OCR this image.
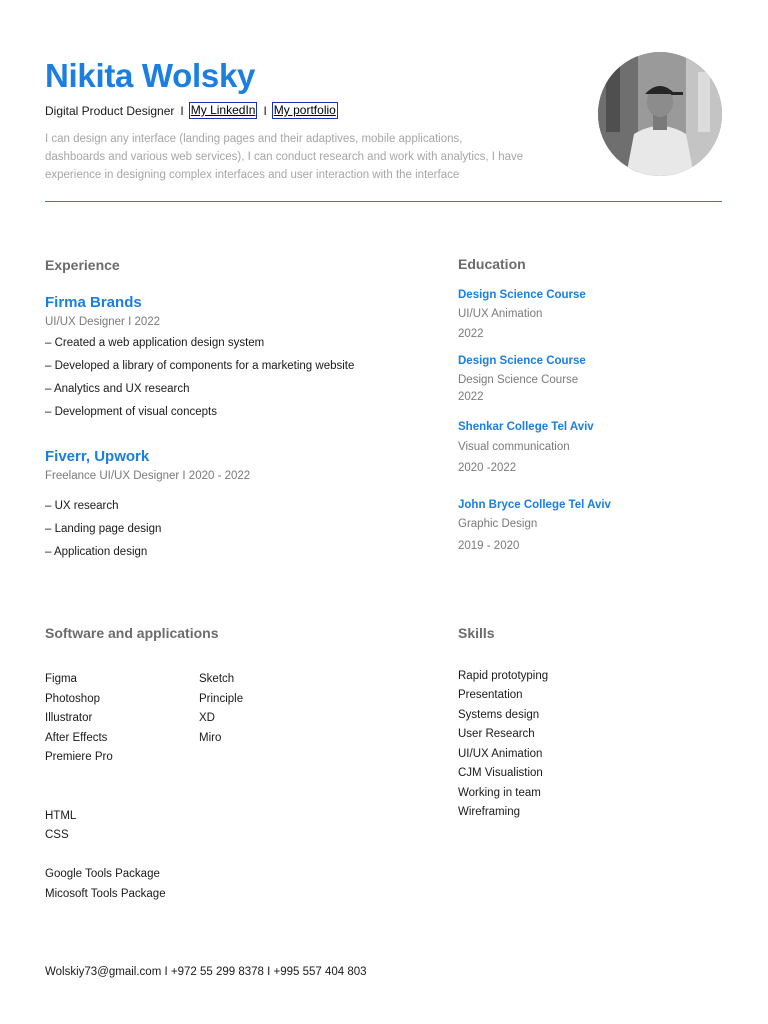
Nikita Wolsky
Digital Product Designer I My LinkedIn I My portfolio
I can design any interface (landing pages and their adaptives, mobile applications, dashboards and various web services), I can conduct research and work with analytics, I have experience in designing complex interfaces and user interaction with the interface
Experience
Firma Brands
UI/UX Designer I 2022
– Created a web application design system
– Developed a library of components for a marketing website
– Analytics and UX research
– Development of visual concepts
Fiverr, Upwork
Freelance UI/UX Designer I 2020 - 2022
– UX research
– Landing page design
– Application design
Education
Design Science Course
UI/UX Animation
2022
Design Science Course
Design Science Course
2022
Shenkar College Tel Aviv
Visual communication
2020 -2022
John Bryce College Tel Aviv
Graphic Design
2019 - 2020
Software and applications
Figma
Photoshop
Illustrator
After Effects
Premiere Pro
Sketch
Principle
XD
Miro
HTML
CSS
Google Tools Package
Micosoft Tools Package
Skills
Rapid prototyping
Presentation
Systems design
User Research
UI/UX Animation
CJM Visualistion
Working in team
Wireframing
Wolskiy73@gmail.com I +972 55 299 8378 I +995 557 404 803
